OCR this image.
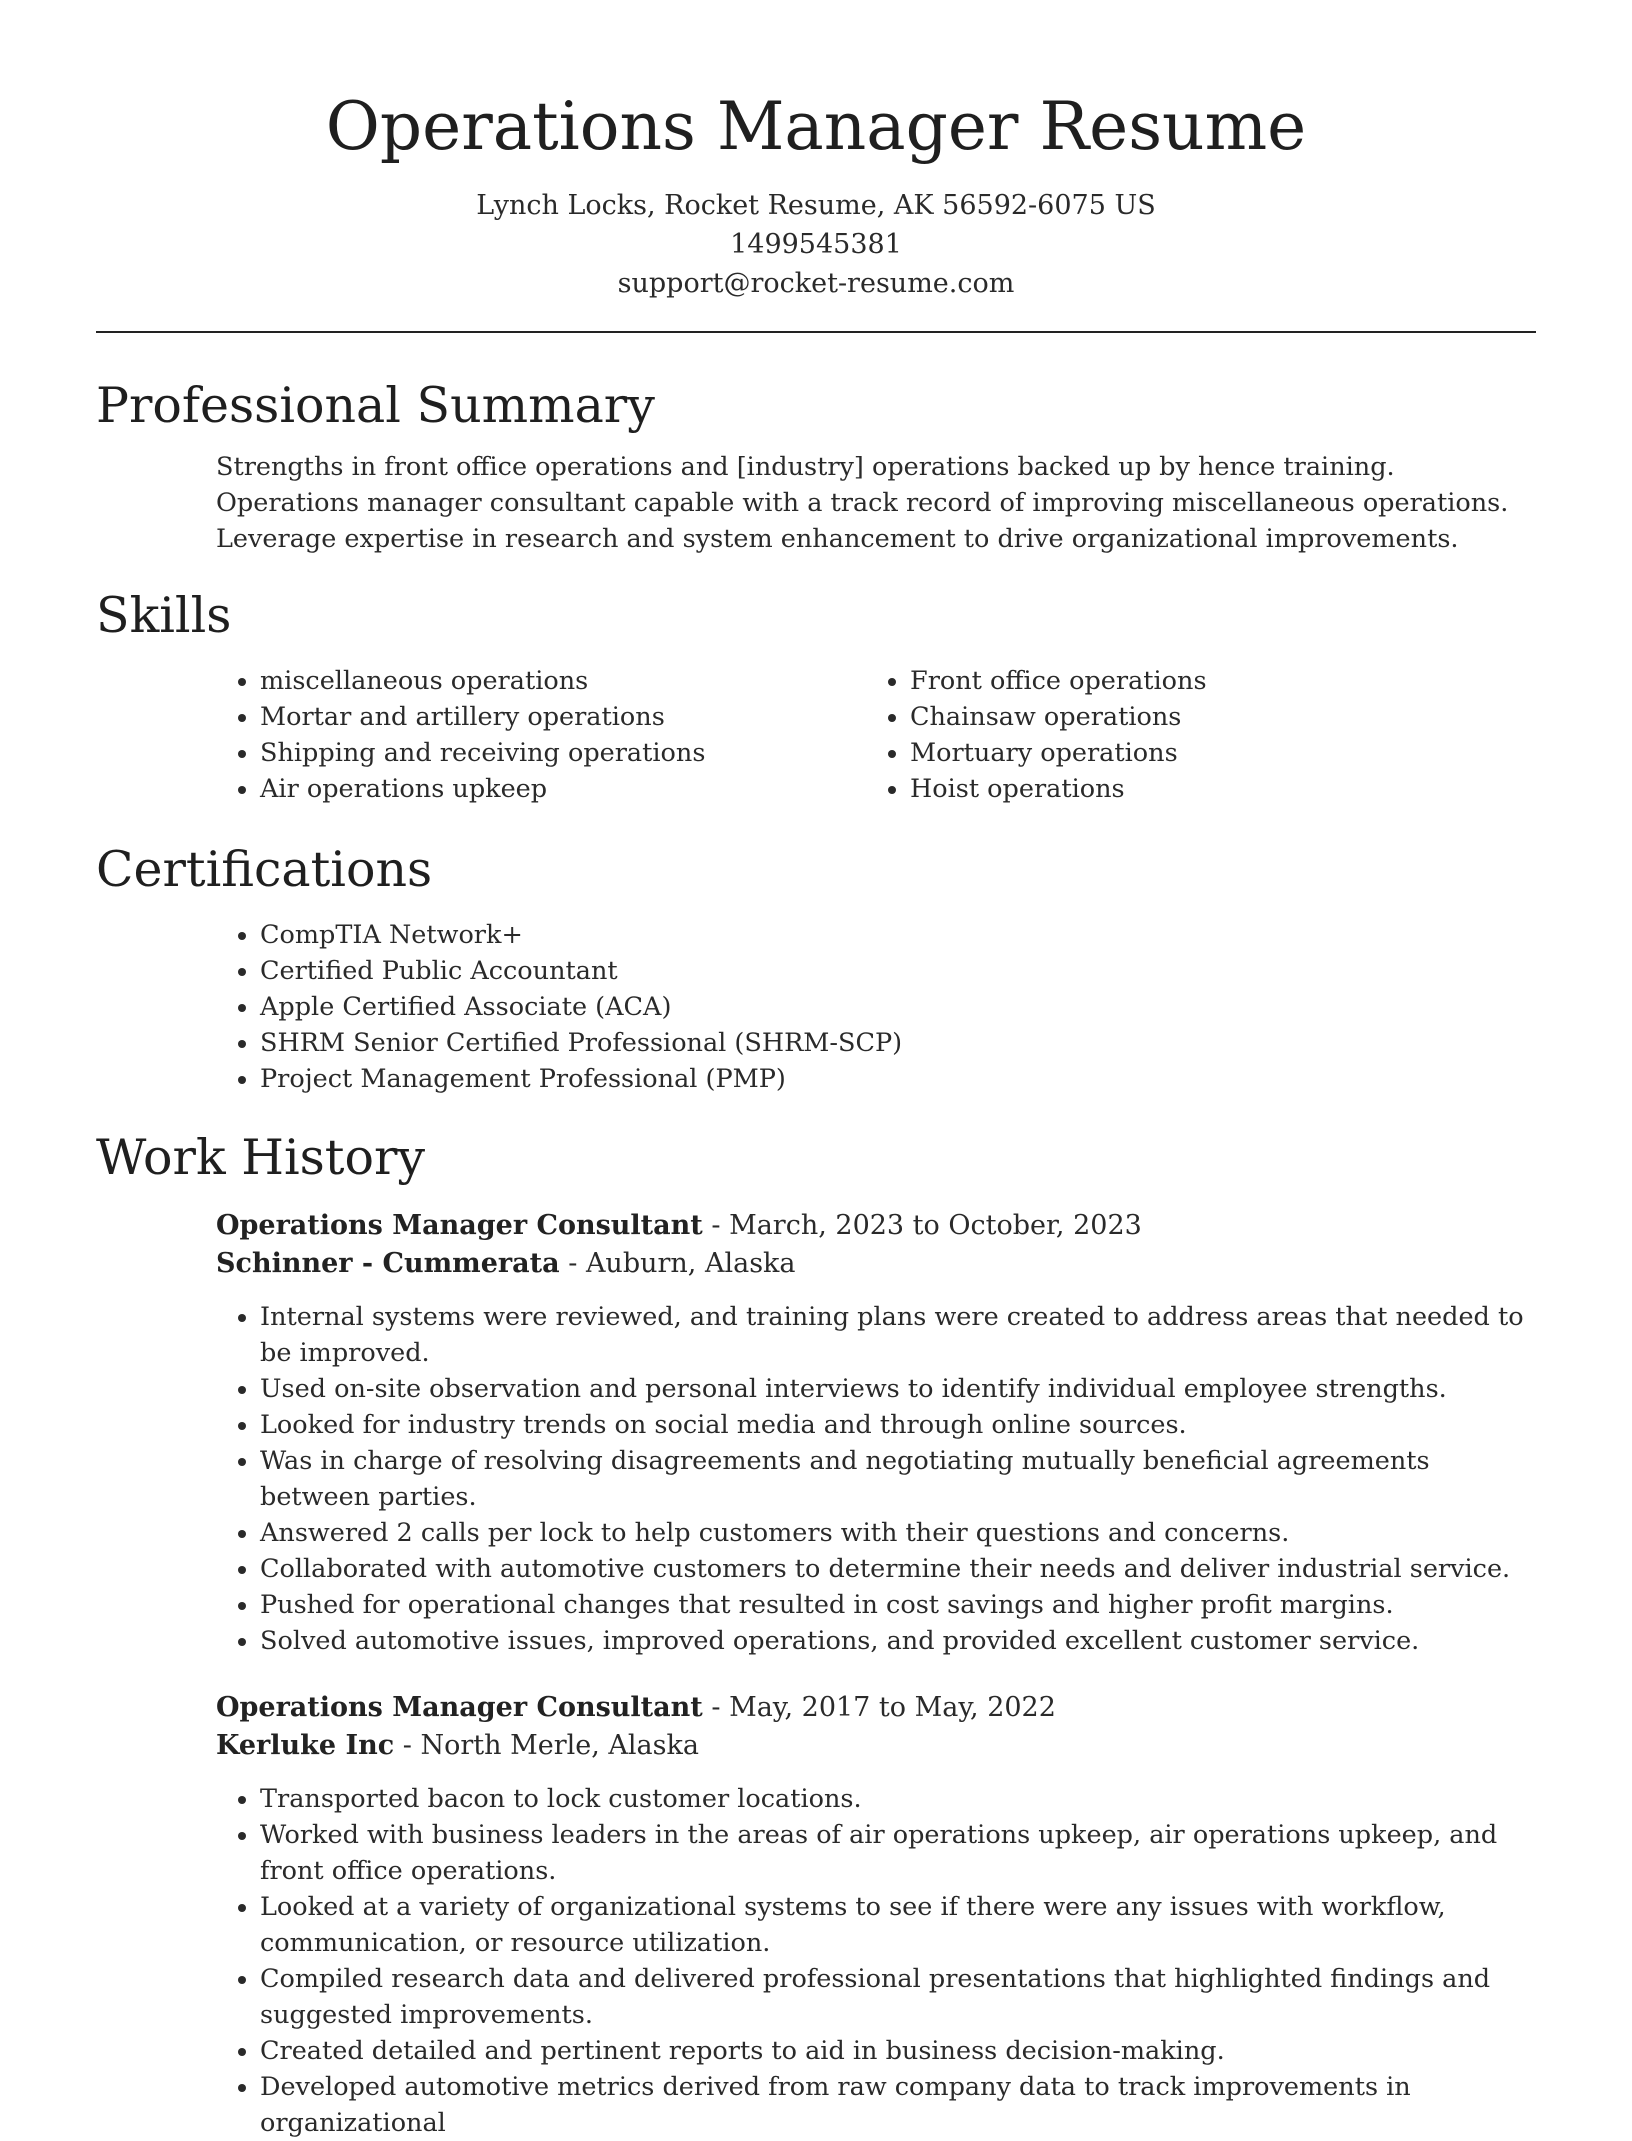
Operations Manager Resume
Lynch Locks, Rocket Resume, AK 56592-6075 US
1499545381
support@rocket-resume.com
Professional Summary

Strengths in front office operations and [industry] operations backed up by hence training. Operations manager consultant capable with a track record of improving miscellaneous operations. Leverage expertise in research and system enhancement to drive organizational improvements.

Skills
• miscellaneous operations
• Mortar and artillery operations
• Shipping and receiving operations
• Air operations upkeep
• Front office operations
• Chainsaw operations
• Mortuary operations
• Hoist operations
Certifications
• CompTIA Network+
• Certified Public Accountant
• Apple Certified Associate (ACA)
• SHRM Senior Certified Professional (SHRM-SCP)
• Project Management Professional (PMP)
Work History
Operations Manager Consultant - March, 2023 to October, 2023
Schinner - Cummerata - Auburn, Alaska
• Internal systems were reviewed, and training plans were created to address areas that needed to be improved.
• Used on-site observation and personal interviews to identify individual employee strengths.
• Looked for industry trends on social media and through online sources.
• Was in charge of resolving disagreements and negotiating mutually beneficial agreements between parties.
• Answered 2 calls per lock to help customers with their questions and concerns.
• Collaborated with automotive customers to determine their needs and deliver industrial service.
• Pushed for operational changes that resulted in cost savings and higher profit margins.
• Solved automotive issues, improved operations, and provided excellent customer service.
Operations Manager Consultant - May, 2017 to May, 2022
Kerluke Inc - North Merle, Alaska
• Transported bacon to lock customer locations.
• Worked with business leaders in the areas of air operations upkeep, air operations upkeep, and front office operations.
• Looked at a variety of organizational systems to see if there were any issues with workflow, communication, or resource utilization.
• Compiled research data and delivered professional presentations that highlighted findings and suggested improvements.
• Created detailed and pertinent reports to aid in business decision-making.
• Developed automotive metrics derived from raw company data to track improvements in organizational
